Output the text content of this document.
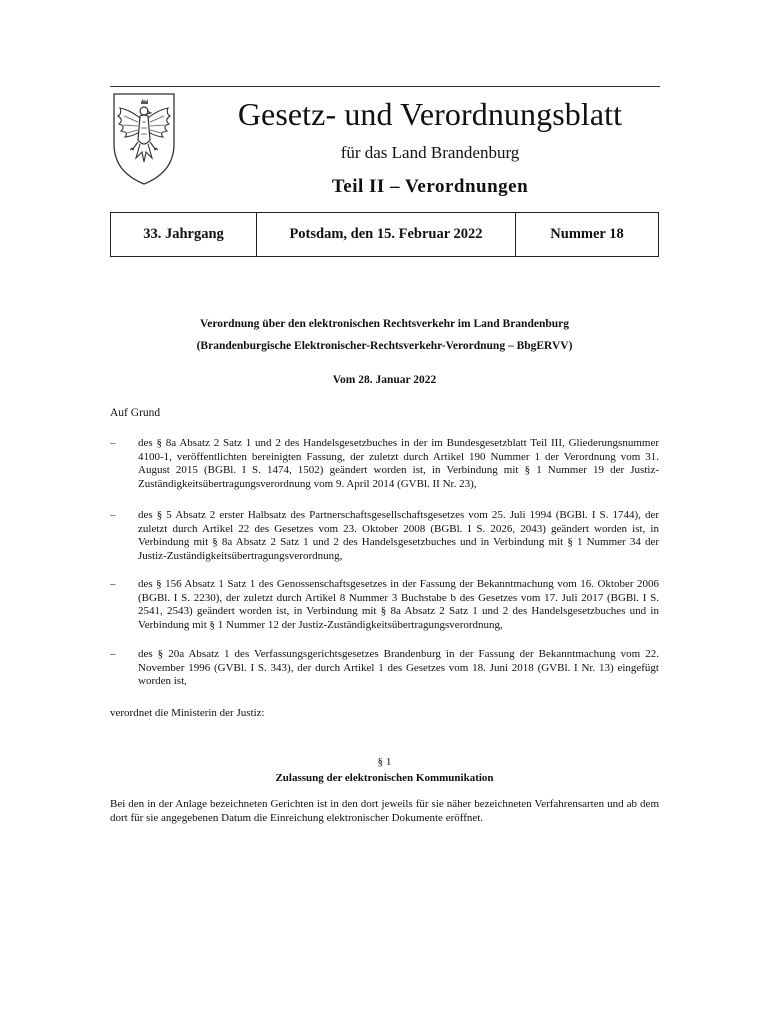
Gesetz- und Verordnungsblatt
für das Land Brandenburg
Teil II – Verordnungen
33. Jahrgang	Potsdam, den 15. Februar 2022	Nummer 18
Verordnung über den elektronischen Rechtsverkehr im Land Brandenburg
(Brandenburgische Elektronischer-Rechtsverkehr-Verordnung – BbgERVV)
Vom 28. Januar 2022
Auf Grund
–	des § 8a Absatz 2 Satz 1 und 2 des Handelsgesetzbuches in der im Bundesgesetzblatt Teil III, Gliederungsnummer 4100-1, veröffentlichten bereinigten Fassung, der zuletzt durch Artikel 190 Nummer 1 der Verordnung vom 31. August 2015 (BGBl. I S. 1474, 1502) geändert worden ist, in Verbindung mit § 1 Nummer 19 der Justiz-Zuständigkeitsübertragungsverordnung vom 9. April 2014 (GVBl. II Nr. 23),
–	des § 5 Absatz 2 erster Halbsatz des Partnerschaftsgesellschaftsgesetzes vom 25. Juli 1994 (BGBl. I S. 1744), der zuletzt durch Artikel 22 des Gesetzes vom 23. Oktober 2008 (BGBl. I S. 2026, 2043) geändert worden ist, in Verbindung mit § 8a Absatz 2 Satz 1 und 2 des Handelsgesetzbuches und in Verbindung mit § 1 Nummer 34 der Justiz-Zuständigkeitsübertragungsverordnung,
–	des § 156 Absatz 1 Satz 1 des Genossenschaftsgesetzes in der Fassung der Bekanntmachung vom 16. Oktober 2006 (BGBl. I S. 2230), der zuletzt durch Artikel 8 Nummer 3 Buchstabe b des Gesetzes vom 17. Juli 2017 (BGBl. I S. 2541, 2543) geändert worden ist, in Verbindung mit § 8a Absatz 2 Satz 1 und 2 des Handelsgesetzbuches und in Verbindung mit § 1 Nummer 12 der Justiz-Zuständigkeitsübertragungsverordnung,
–	des § 20a Absatz 1 des Verfassungsgerichtsgesetzes Brandenburg in der Fassung der Bekanntmachung vom 22. November 1996 (GVBl. I S. 343), der durch Artikel 1 des Gesetzes vom 18. Juni 2018 (GVBl. I Nr. 13) eingefügt worden ist,
verordnet die Ministerin der Justiz:
§ 1
Zulassung der elektronischen Kommunikation
Bei den in der Anlage bezeichneten Gerichten ist in den dort jeweils für sie näher bezeichneten Verfahrensarten und ab dem dort für sie angegebenen Datum die Einreichung elektronischer Dokumente eröffnet.
